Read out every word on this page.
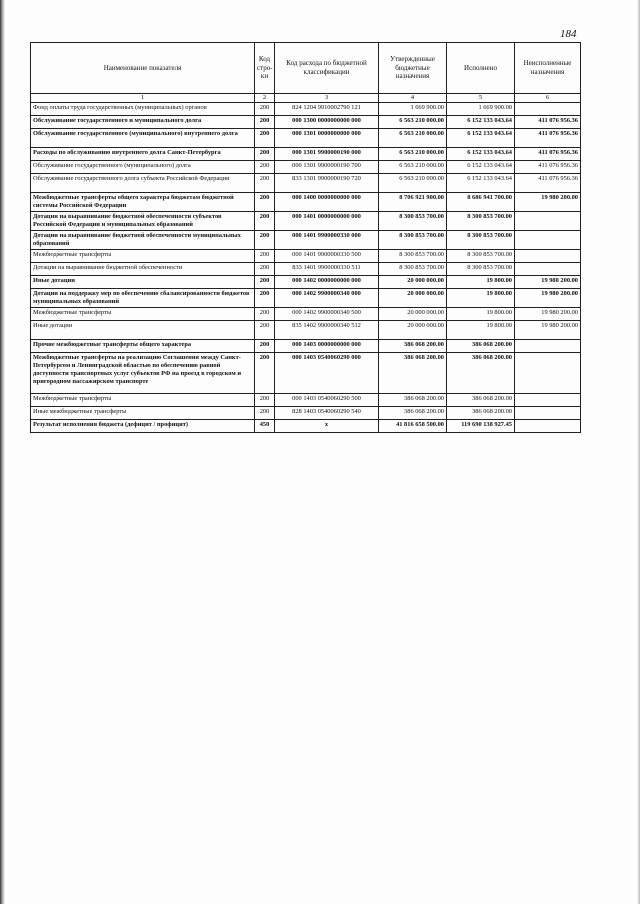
184
Наименование показателя	Код стро-ки	Код расхода по бюджетной классификации	Утвержденные бюджетные назначения	Исполнено	Неисполненные назначения
1	2	3	4	5	6
Фонд оплаты труда государственных (муниципальных) органов	200	824 1204 9910002790 121	1 669 900.00	1 669 900.00	
Обслуживание государственного и муниципального долга	200	000 1300 0000000000 000	6 563 210 000.00	6 152 133 043.64	411 076 956.36
Обслуживание государственного (муниципального) внутреннего долга	200	000 1301 0000000000 000	6 563 210 000.00	6 152 133 043.64	411 076 956.36
Расходы по обслуживанию внутреннего долга Санкт-Петербурга	200	000 1301 9900000190 000	6 563 210 000.00	6 152 133 043.64	411 076 956.36
Обслуживание государственного (муниципального) долга	200	000 1301 9900000190 700	6 563 210 000.00	6 152 133 043.64	411 076 956.36
Обслуживание государственного долга субъекта Российской Федерации	200	833 1301 9900000190 720	6 563 210 000.00	6 152 133 043.64	411 076 956.36
Межбюджетные трансферты общего характера бюджетам бюджетной системы Российской Федерации	200	000 1400 0000000000 000	8 706 921 900.00	8 686 941 700.00	19 980 200.00
Дотации на выравнивание бюджетной обеспеченности субъектов Российской Федерации и муниципальных образований	200	000 1401 0000000000 000	8 300 853 700.00	8 300 853 700.00	
Дотации на выравнивание бюджетной обеспеченности муниципальных образований	200	000 1401 9900000330 000	8 300 853 700.00	8 300 853 700.00	
Межбюджетные трансферты	200	000 1401 9900000330 500	8 300 853 700.00	8 300 853 700.00	
Дотации на выравнивание бюджетной обеспеченности	200	833 1401 9900000330 511	8 300 853 700.00	8 300 853 700.00	
Иные дотации	200	000 1402 0000000000 000	20 000 000.00	19 800.00	19 980 200.00
Дотации на поддержку мер по обеспечению сбалансированности бюджетов муниципальных образований	200	000 1402 9900000340 000	20 000 000.00	19 800.00	19 980 200.00
Межбюджетные трансферты	200	000 1402 9900000340 500	20 000 000.00	19 800.00	19 980 200.00
Иные дотации	200	835 1402 9900000340 512	20 000 000.00	19 800.00	19 980 200.00
Прочие межбюджетные трансферты общего характера	200	000 1403 0000000000 000	386 068 200.00	386 068 200.00	
Межбюджетные трансферты на реализацию Соглашения между Санкт-Петербургом и Ленинградской областью по обеспечению равной доступности транспортных услуг субъектов РФ на проезд в городском и пригородном пассажирском транспорте	200	000 1403 0540060290 000	386 068 200.00	386 068 200.00	
Межбюджетные трансферты	200	000 1403 0540060290 500	386 068 200.00	386 068 200.00	
Иные межбюджетные трансферты	200	828 1403 0540060290 540	386 068 200.00	386 068 200.00	
Результат исполнения бюджета (дефицит / профицит)	450	x	41 816 658 500.00	119 690 138 927.45	
